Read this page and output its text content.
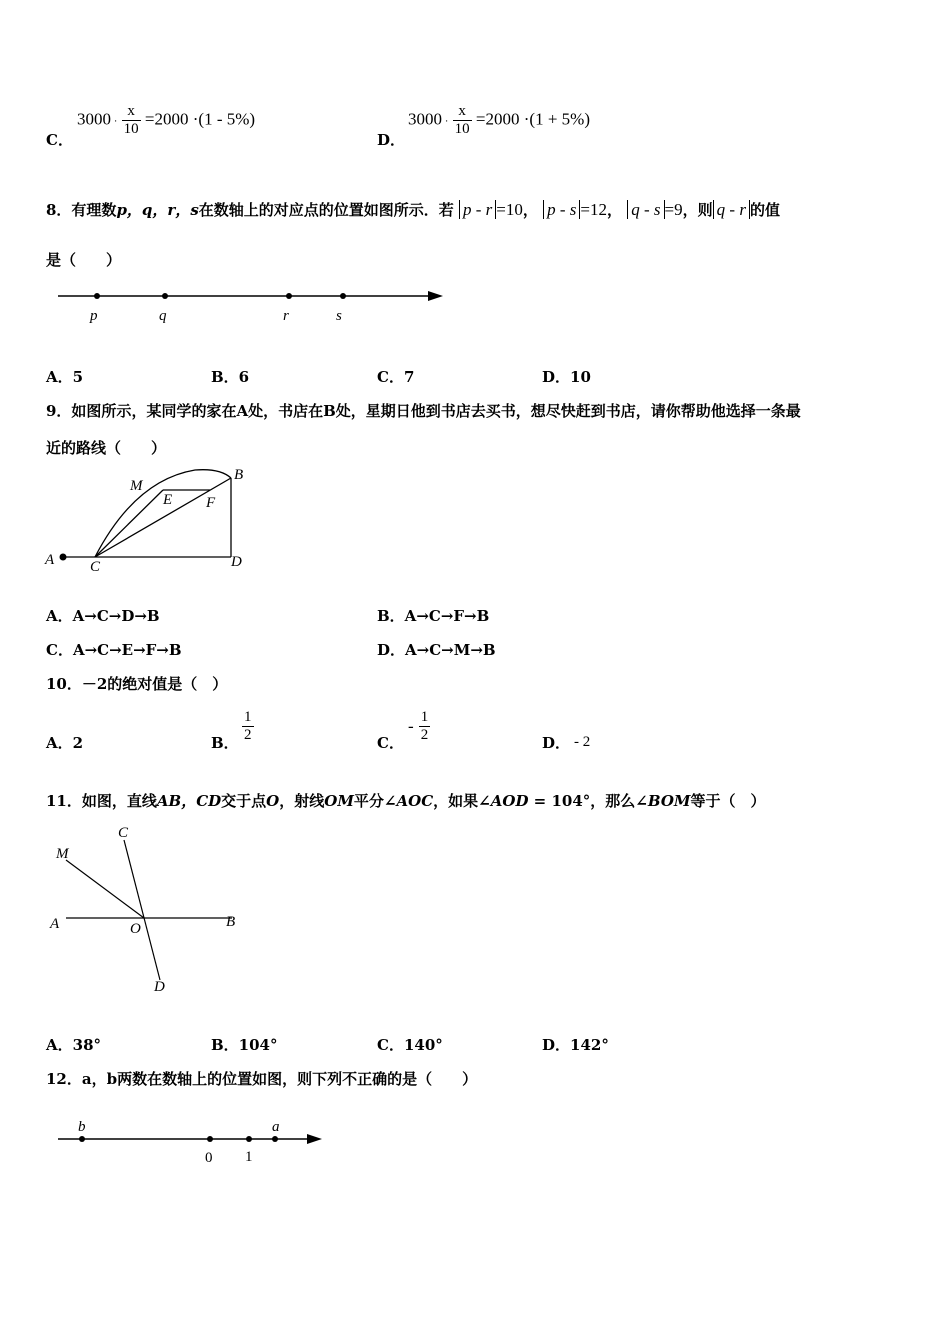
C．
$3000 \cdot \frac{x}{10} =2000 \cdot(1 - 5\%)$
D．
$3000 \cdot \frac{x}{10} =2000 \cdot(1 + 5\%)$
8．有理数p，q，r，s在数轴上的对应点的位置如图所示．若 p - r =10， p - s =12， q - s =9，则 q - r 的值
是（　　）
p	q	r	s
A．5	B．6	C．7	D．10
9．如图所示，某同学的家在A处，书店在B处，星期日他到书店去买书，想尽快赶到书店，请你帮助他选择一条最
近的路线（　　）
A C
M
E F
B
D
A．A→C→D→B	B．A→C→F→B
C．A→C→E→F→B	D．A→C→M→B
10．－2的绝对值是（　）
A．2	B． $\frac{1}{2}$	C．
- $\frac{1}{2}$	D． - 2
11．如图，直线AB，CD交于点O，射线OM平分∠AOC，如果∠AOD = 104°，那么∠BOM等于（　）
C
M
A	O	B
D
A．38°	B．104°	C．140°	D．142°
12．a，b两数在数轴上的位置如图，则下列不正确的是（　　）
b	a
0 1
